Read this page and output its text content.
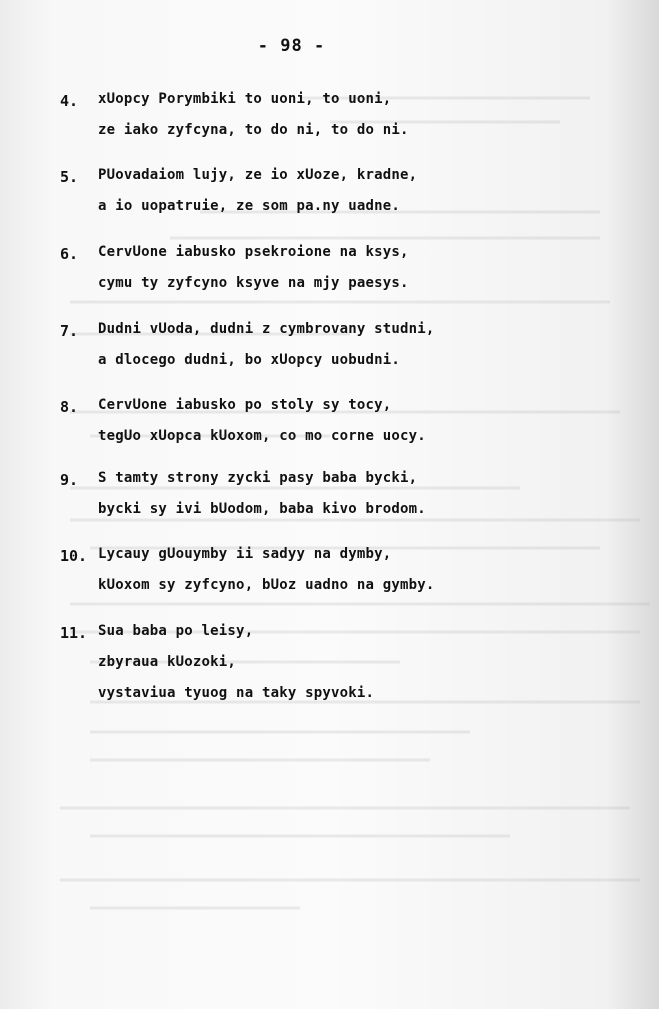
- 98 -
4.	xUopcy Porymbiki to uoni, to uoni,
ze iako zyfcyna, to do ni, to do ni.
5.	PUovadaiom lujy, ze io xUoze, kradne,
a io uopatruie, ze som pa.ny uadne.
6.	CervUone iabusko psekroione na ksys,
cymu ty zyfcyno ksyve na mjy paesys.
7.	Dudni vUoda, dudni z cymbrovany studni,
a dlocego dudni, bo xUopcy uobudni.
8.	CervUone iabusko po stoly sy tocy,
tegUo xUopca kUoxom, co mo corne uocy.
9.	S tamty strony zycki pasy baba bycki,
bycki sy ivi bUodom, baba kivo brodom.
10. Lycauy gUouymby ii sadyy na dymby,
kUoxom sy zyfcyno, bUoz uadno na gymby.
11. Sua baba po leisy,
zbyraua kUozoki,
vystaviua tyuog na taky spyvoki.
